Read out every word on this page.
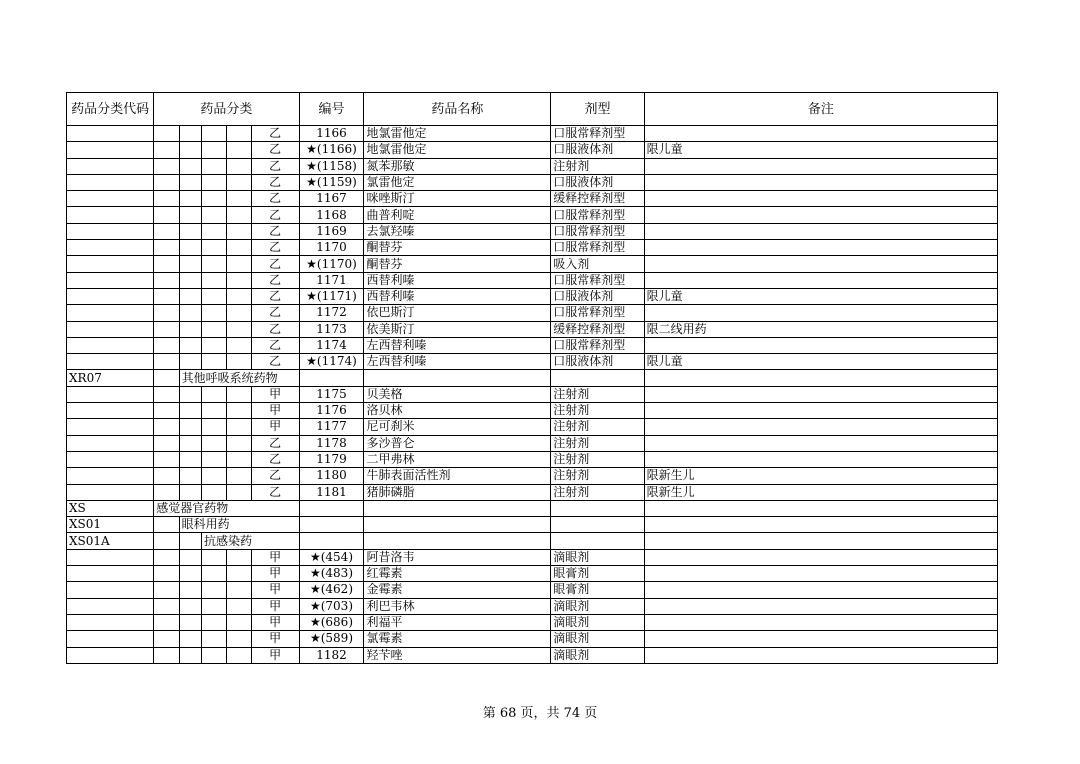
药品分类代码	药品分类					编号	药品名称	剂型	备注
					乙	1166	地氯雷他定	口服常释剂型	
					乙	★(1166)	地氯雷他定	口服液体剂	限儿童
					乙	★(1158)	氮苯那敏	注射剂	
					乙	★(1159)	氯雷他定	口服液体剂	
					乙	1167	咪唑斯汀	缓释控释剂型	
					乙	1168	曲普利啶	口服常释剂型	
					乙	1169	去氯羟嗪	口服常释剂型	
					乙	1170	酮替芬	口服常释剂型	
					乙	★(1170)	酮替芬	吸入剂	
					乙	1171	西替利嗪	口服常释剂型	
					乙	★(1171)	西替利嗪	口服液体剂	限儿童
					乙	1172	依巴斯汀	口服常释剂型	
					乙	1173	依美斯汀	缓释控释剂型	限二线用药
					乙	1174	左西替利嗪	口服常释剂型	
					乙	★(1174)	左西替利嗪	口服液体剂	限儿童
XR07		其他呼吸系统药物							
					甲	1175	贝美格	注射剂	
					甲	1176	洛贝林	注射剂	
					甲	1177	尼可刹米	注射剂	
					乙	1178	多沙普仑	注射剂	
					乙	1179	二甲弗林	注射剂	
					乙	1180	牛肺表面活性剂	注射剂	限新生儿
					乙	1181	猪肺磷脂	注射剂	限新生儿
XS	感觉器官药物								
XS01		眼科用药							
XS01A			抗感染药						
					甲	★(454)	阿昔洛韦	滴眼剂	
					甲	★(483)	红霉素	眼膏剂	
					甲	★(462)	金霉素	眼膏剂	
					甲	★(703)	利巴韦林	滴眼剂	
					甲	★(686)	利福平	滴眼剂	
					甲	★(589)	氯霉素	滴眼剂	
					甲	1182	羟苄唑	滴眼剂	
第 68 页，共 74 页
